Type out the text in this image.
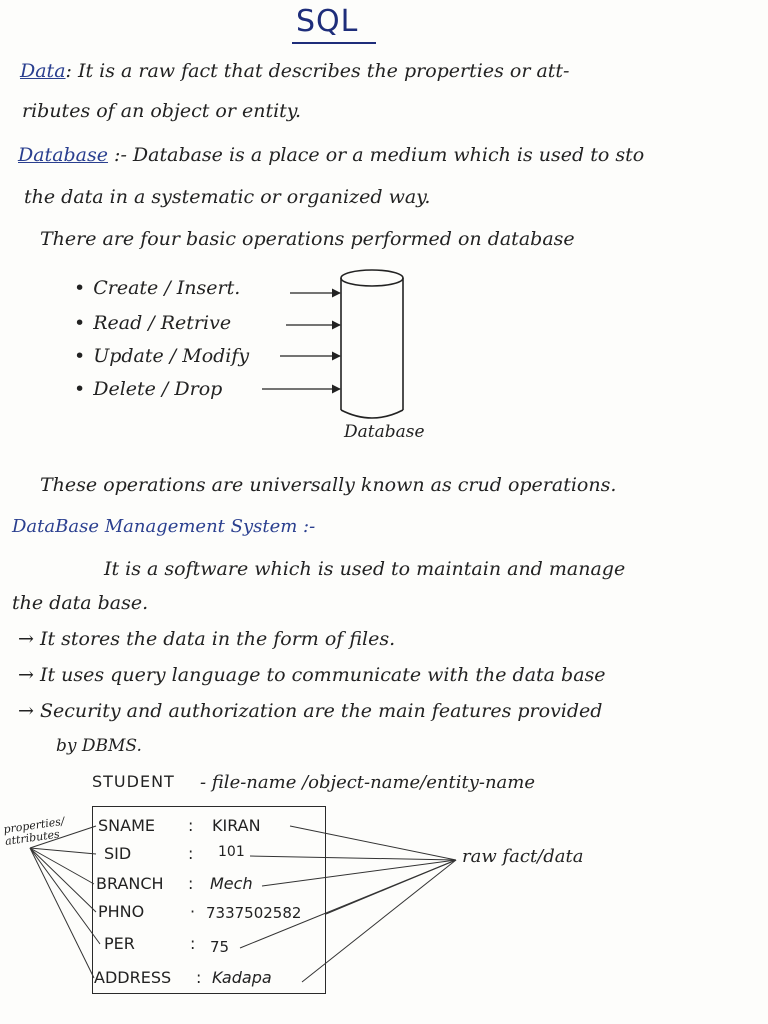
SQL
Data: It is a raw fact that describes the properties or att-
ributes of an object or entity.
Database :- Database is a place or a medium which is used to sto
the data in a systematic or organized way.
There are four basic operations performed on database
• Create / Insert.
• Read / Retrive
• Update / Modify
• Delete / Drop
Database
These operations are universally known as crud operations.
DataBase Management System :-
It is a software which is used to maintain and manage
the data base.
→ It stores the data in the form of files.
→ It uses query language to communicate with the data base
→ Security and authorization are the main features provided
by DBMS.
STUDENT - file-name /object-name/entity-name
SNAME
SID
BRANCH
PHNO
PER
ADDRESS
:
:
:
·
:
:
KIRAN
101
Mech
7337502582
75
Kadapa
properties/ attributes
raw fact/data
